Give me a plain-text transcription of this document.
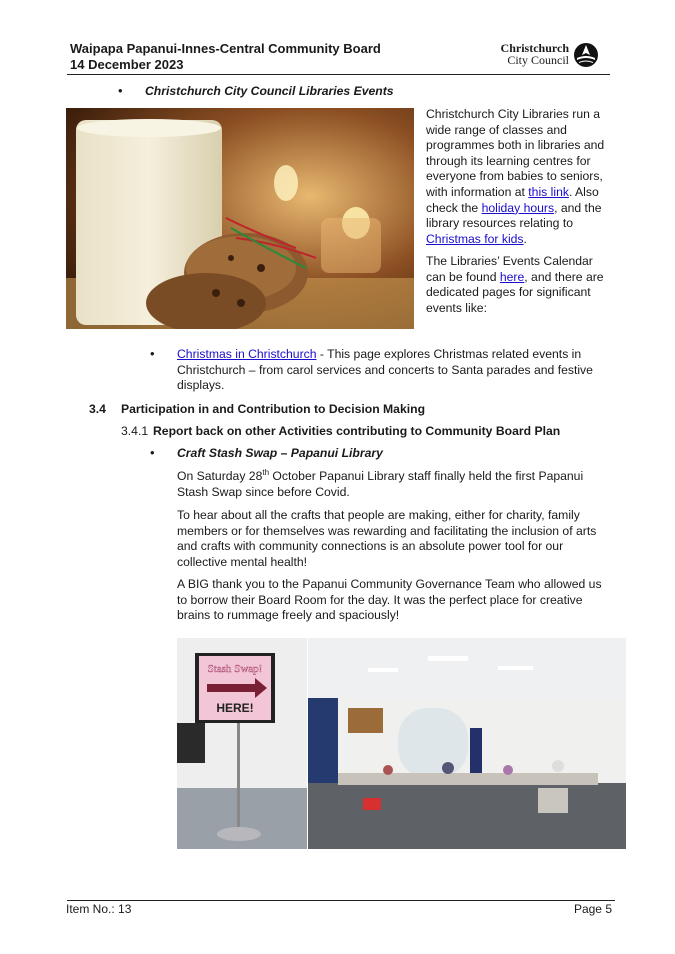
Waipapa Papanui-Innes-Central Community Board
14 December 2023
Christchurch
City Council
• Christchurch City Council Libraries Events
Christchurch City Libraries run a wide range of classes and programmes both in libraries and through its learning centres for everyone from babies to seniors, with information at this link. Also check the holiday hours, and the library resources relating to Christmas for kids.
The Libraries’ Events Calendar can be found here, and there are dedicated pages for significant events like:
• Christmas in Christchurch - This page explores Christmas related events in Christchurch – from carol services and concerts to Santa parades and festive displays.
3.4 Participation in and Contribution to Decision Making
3.4.1 Report back on other Activities contributing to Community Board Plan
• Craft Stash Swap – Papanui Library
On Saturday 28th October Papanui Library staff finally held the first Papanui Stash Swap since before Covid.
To hear about all the crafts that people are making, either for charity, family members or for themselves was rewarding and facilitating the inclusion of arts and crafts with community connections is an absolute power tool for our collective mental health!
A BIG thank you to the Papanui Community Governance Team who allowed us to borrow their Board Room for the day. It was the perfect place for creative brains to rummage freely and spaciously!
Stash Swap!
HERE!
Item No.: 13	Page 5
